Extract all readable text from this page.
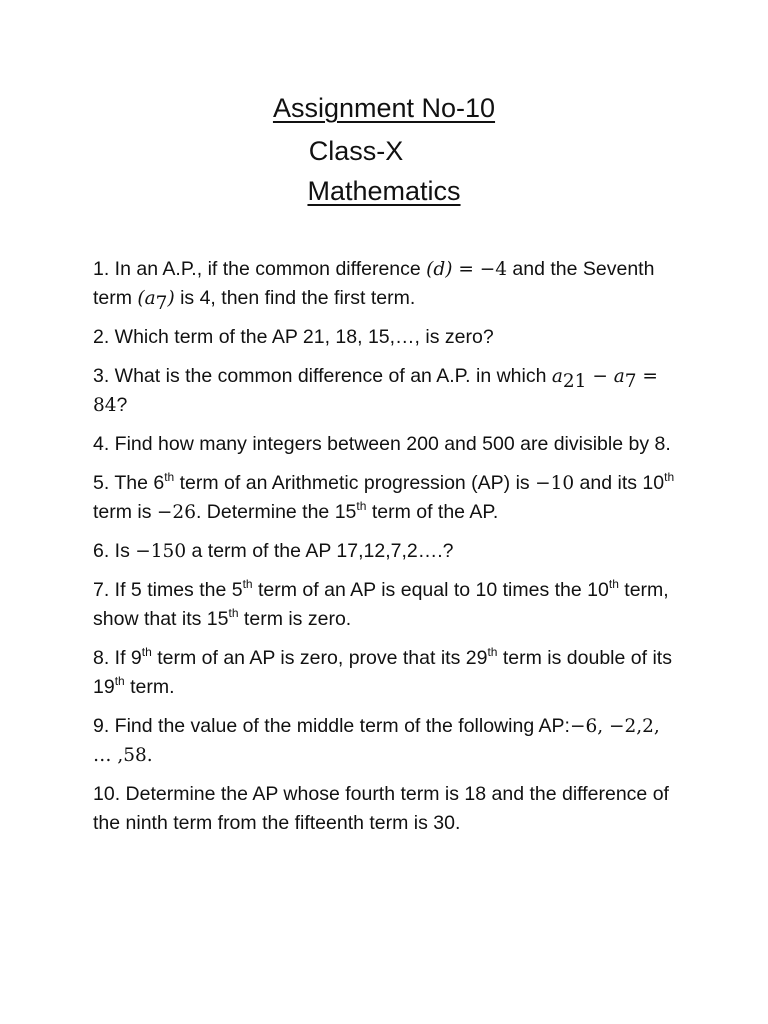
Assignment No-10
Class-X
Mathematics

1. In an A.P., if the common difference (d) = −4 and the Seventh term $(a_7)$ is 4, then find the first term.

2. Which term of the AP 21, 18, 15,…, is zero?

3. What is the common difference of an A.P. in which $a_{21} - a_7 = 84$?

4. Find how many integers between 200 and 500 are divisible by 8.

5. The 6th term of an Arithmetic progression (AP) is −10 and its 10th term is −26. Determine the 15th term of the AP.

6. Is −150 a term of the AP 17,12,7,2….?

7. If 5 times the 5th term of an AP is equal to 10 times the 10th term, show that its 15th term is zero.

8. If 9th term of an AP is zero, prove that its 29th term is double of its 19th term.

9. Find the value of the middle term of the following AP:−6, −2,2, … ,58.

10. Determine the AP whose fourth term is 18 and the difference of the ninth term from the fifteenth term is 30.
